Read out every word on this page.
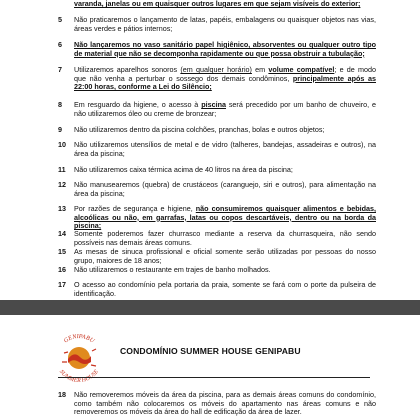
varanda, janelas ou em quaisquer outros lugares em que sejam visíveis do exterior;
5	Não praticaremos o lançamento de latas, papéis, embalagens ou quaisquer objetos nas vias, áreas verdes e pátios internos;
6	Não lançaremos no vaso sanitário papel higiênico, absorventes ou qualquer outro tipo de material que não se decomponha rapidamente ou que possa obstruir a tubulação;
7	Utilizaremos aparelhos sonoros (em qualquer horário) em volume compatível; e de modo que não venha a perturbar o sossego dos demais condôminos, principalmente após as 22:00 horas, conforme a Lei do Silêncio;
8	Em resguardo da higiene, o acesso à piscina será precedido por um banho de chuveiro, e não utilizaremos óleo ou creme de bronzear;
9	Não utilizaremos dentro da piscina colchões, pranchas, bolas e outros objetos;
10	Não utilizaremos utensílios de metal e de vidro (talheres, bandejas, assadeiras e outros), na área da piscina;
11	Não utilizaremos caixa térmica acima de 40 litros na área da piscina;
12	Não manusearemos (quebra) de crustáceos (caranguejo, siri e outros), para alimentação na área da piscina;
13	Por razões de segurança e higiene, não consumiremos quaisquer alimentos e bebidas, alcoólicas ou não, em garrafas, latas ou copos descartáveis, dentro ou na borda da piscina;
14	Somente poderemos fazer churrasco mediante a reserva da churrasqueira, não sendo possíveis nas demais áreas comuns.
15	As mesas de sinuca profissional e oficial somente serão utilizadas por pessoas do nosso grupo, maiores de 18 anos;
16	Não utilizaremos o restaurante em trajes de banho molhados.
17	O acesso ao condomínio pela portaria da praia, somente se fará com o porte da pulseira de identificação.
GENIPABU
SUMMER HOUSE
CONDOMÍNIO SUMMER HOUSE GENIPABU
18	Não removeremos móveis da área da piscina, para as demais áreas comuns do condomínio, como também não colocaremos os móveis do apartamento nas áreas comuns e não removeremos os móveis da área do hall de edificação da área de lazer.
